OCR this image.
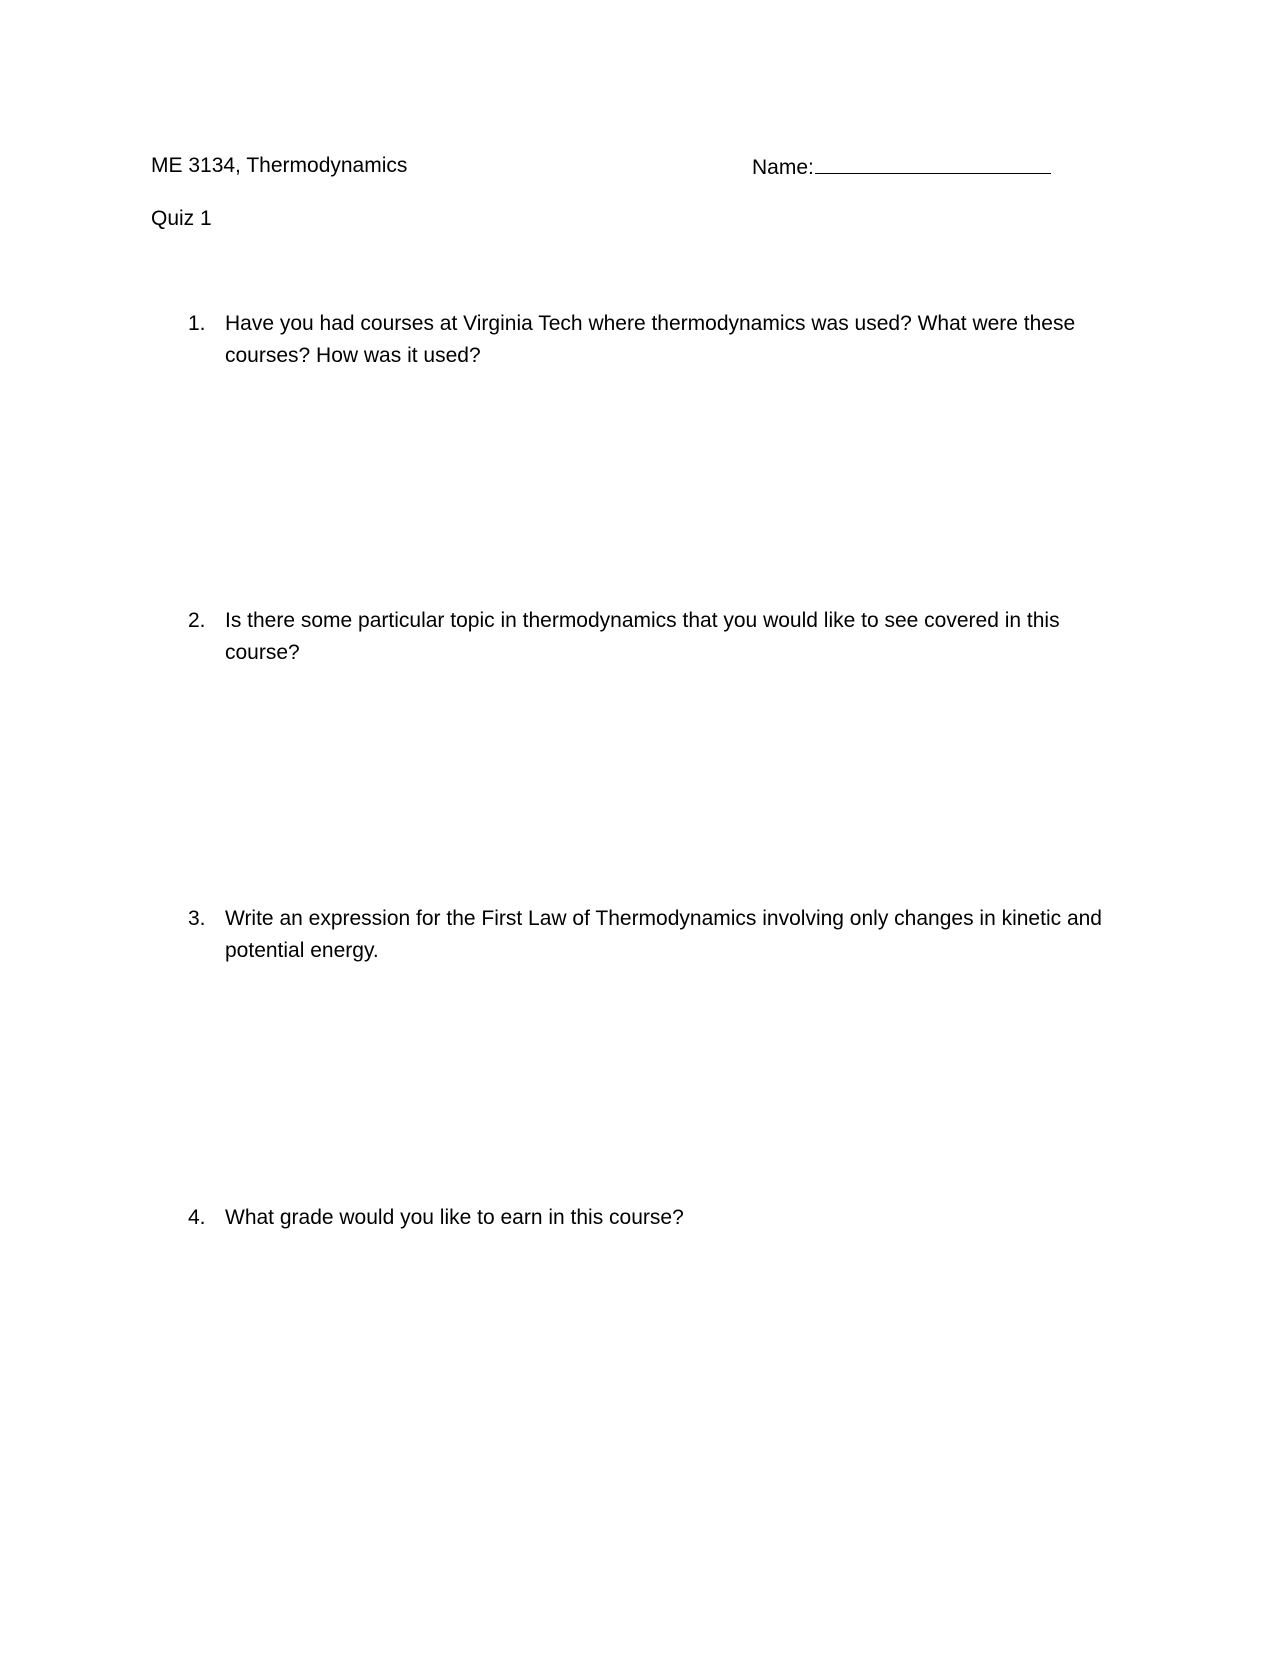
ME 3134, Thermodynamics	Name:
Quiz 1
1. Have you had courses at Virginia Tech where thermodynamics was used? What were these courses? How was it used?
2. Is there some particular topic in thermodynamics that you would like to see covered in this course?
3. Write an expression for the First Law of Thermodynamics involving only changes in kinetic and potential energy.
4. What grade would you like to earn in this course?
